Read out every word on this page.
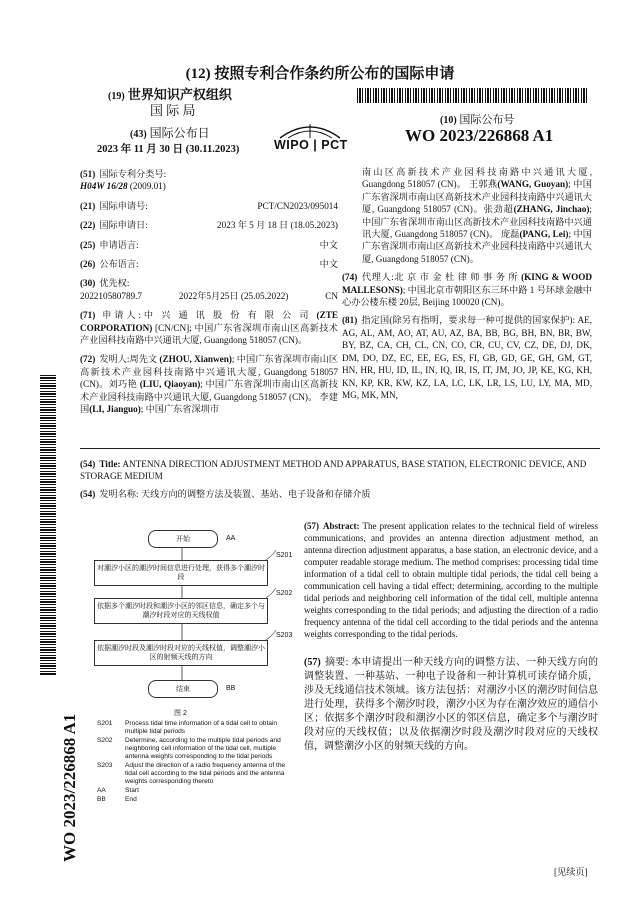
(12) 按照专利合作条约所公布的国际申请
(19) 世界知识产权组织
国 际 局
(43) 国际公布日
2023 年 11 月 30 日 (30.11.2023)	WIPO | PCT
(10) 国际公布号
WO 2023/226868 A1
WO 2023/226868 A1
(51) 国际专利分类号:
H04W 16/28 (2009.01)
(21) 国际申请号:	PCT/CN2023/095014
(22) 国际申请日:	2023 年 5 月 18 日 (18.05.2023)
(25) 申请语言:	中文
(26) 公布语言:	中文
(30) 优先权:
202210580789.7	2022年5月25日 (25.05.2022)	CN
(71) 申请人:中 兴 通 讯 股 份 有 限 公 司 (ZTE CORPORATION) [CN/CN]; 中国广东省深圳市南山区高新技术产业园科技南路中兴通讯大厦, Guangdong 518057 (CN)。
(72) 发明人:周先文 (ZHOU, Xianwen); 中国广东省深圳市南山区高新技术产业园科技南路中兴通讯大厦, Guangdong 518057 (CN)。刘巧艳 (LIU, Qiaoyan); 中国广东省深圳市南山区高新技术产业园科技南路中兴通讯大厦, Guangdong 518057 (CN)。 李建国(LI, Jianguo); 中国广东省深圳市
南山区高新技术产业园科技南路中兴通讯大厦, Guangdong 518057 (CN)。 王郭燕(WANG, Guoyan); 中国广东省深圳市南山区高新技术产业园科技南路中兴通讯大厦, Guangdong 518057 (CN)。张劲超(ZHANG, Jinchao); 中国广东省深圳市南山区高新技术产业园科技南路中兴通讯大厦, Guangdong 518057 (CN)。 庞磊(PANG, Lei); 中国广东省深圳市南山区高新技术产业园科技南路中兴通讯大厦, Guangdong 518057 (CN)。
(74) 代理人:北 京 市 金 杜 律 师 事 务 所 (KING & WOOD MALLESONS); 中国北京市朝阳区东三环中路 1 号环球金融中心办公楼东楼 20层, Beijing 100020 (CN)。
(81) 指定国(除另有指明，要求每一种可提供的国家保护): AE, AG, AL, AM, AO, AT, AU, AZ, BA, BB, BG, BH, BN, BR, BW, BY, BZ, CA, CH, CL, CN, CO, CR, CU, CV, CZ, DE, DJ, DK, DM, DO, DZ, EC, EE, EG, ES, FI, GB, GD, GE, GH, GM, GT, HN, HR, HU, ID, IL, IN, IQ, IR, IS, IT, JM, JO, JP, KE, KG, KH, KN, KP, KR, KW, KZ, LA, LC, LK, LR, LS, LU, LY, MA, MD, MG, MK, MN,
(54) Title: ANTENNA DIRECTION ADJUSTMENT METHOD AND APPARATUS, BASE STATION, ELECTRONIC DEVICE, AND STORAGE MEDIUM
(54) 发明名称: 天线方向的调整方法及装置、基站、电子设备和存储介质
开始	AA
S201
对潮汐小区的潮汐时间信息进行处理，获得多个潮汐时段
S202
依据多个潮汐时段和潮汐小区的邻区信息，确定多个与潮汐时段对应的天线权值
S203
依据潮汐时段及潮汐时段对应的天线权值，调整潮汐小区的射频天线的方向
结束	BB
图 2
S201	Process tidal time information of a tidal cell to obtain multiple tidal periods
S202	Determine, according to the multiple tidal periods and neighboring cell information of the tidal cell, multiple antenna weights corresponding to the tidal periods
S203	Adjust the direction of a radio frequency antenna of the tidal cell according to the tidal periods and the antenna weights corresponding thereto
AA	Start
BB	End
(57) Abstract: The present application relates to the technical field of wireless communications, and provides an antenna direction adjustment method, an antenna direction adjustment apparatus, a base station, an electronic device, and a computer readable storage medium. The method comprises: processing tidal time information of a tidal cell to obtain multiple tidal periods, the tidal cell being a communication cell having a tidal effect; determining, according to the multiple tidal periods and neighboring cell information of the tidal cell, multiple antenna weights corresponding to the tidal periods; and adjusting the direction of a radio frequency antenna of the tidal cell according to the tidal periods and the antenna weights corresponding to the tidal periods.
(57) 摘要: 本申请提出一种天线方向的调整方法、一种天线方向的调整装置、一种基站、一种电子设备和一种计算机可读存储介质，涉及无线通信技术领域。该方法包括：对潮汐小区的潮汐时间信息进行处理，获得多个潮汐时段，潮汐小区为存在潮汐效应的通信小区；依据多个潮汐时段和潮汐小区的邻区信息，确定多个与潮汐时段对应的天线权值；以及依据潮汐时段及潮汐时段对应的天线权值，调整潮汐小区的射频天线的方向。
[见续页]
